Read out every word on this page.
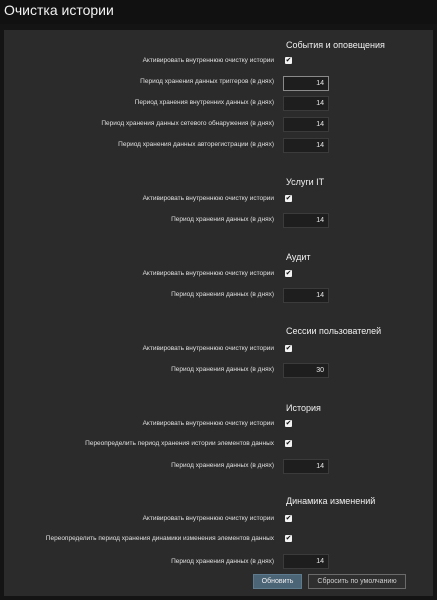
Очистка истории
События и оповещения
Активировать внутреннюю очистку истории ✔
Период хранения данных триггеров (в днях)
14
Период хранения внутренних данных (в днях)
14
Период хранения данных сетевого обнаружения (в днях)
14
Период хранения данных авторегистрации (в днях)
14
Услуги IT
Активировать внутреннюю очистку истории ✔
Период хранения данных (в днях)
14
Аудит
Активировать внутреннюю очистку истории ✔
Период хранения данных (в днях)
14
Сессии пользователей
Активировать внутреннюю очистку истории ✔
Период хранения данных (в днях)
30
История
Активировать внутреннюю очистку истории ✔
Переопределить период хранения истории элементов данных ✔
Период хранения данных (в днях)
14
Динамика изменений
Активировать внутреннюю очистку истории ✔
Переопределить период хранения динамики изменения элементов данных ✔
Период хранения данных (в днях)
14
Обновить	Сбросить по умолчанию
